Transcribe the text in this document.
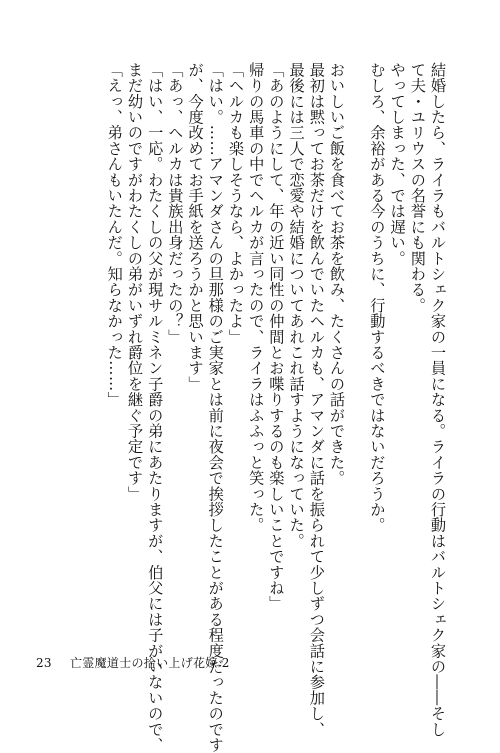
結婚したら、ライラもバルトシェク家の一員になる。ライラの行動はバルトシェク家の――そし
て夫・ユリウスの名誉にも関わる。
やってしまった、では遅い。
むしろ、余裕がある今のうちに、行動するべきではないだろうか。
おいしいご飯を食べてお茶を飲み、たくさんの話ができた。
最初は黙ってお茶だけを飲んでいたヘルカも、アマンダに話を振られて少しずつ会話に参加し、
最後には三人で恋愛や結婚についてあれこれ話すようになっていた。
「あのようにして、年の近い同性の仲間とお喋りするのも楽しいことですね」
帰りの馬車の中でヘルカが言ったので、ライラはふふっと笑った。
「ヘルカも楽しそうなら、よかったよ」
「はい。……アマンダさんの旦那様のご実家とは前に夜会で挨拶したことがある程度だったのです
が、今度改めてお手紙を送ろうかと思います」
「あっ、ヘルカは貴族出身だったの？」
「はい、一応。わたくしの父が現サルミネン子爵の弟にあたりますが、伯父には子がいないので、
まだ幼いのですがわたくしの弟がいずれ爵位を継ぐ予定です」
「えっ、弟さんもいたんだ。知らなかった……」
23 亡霊魔道士の拾い上げ花嫁 2
